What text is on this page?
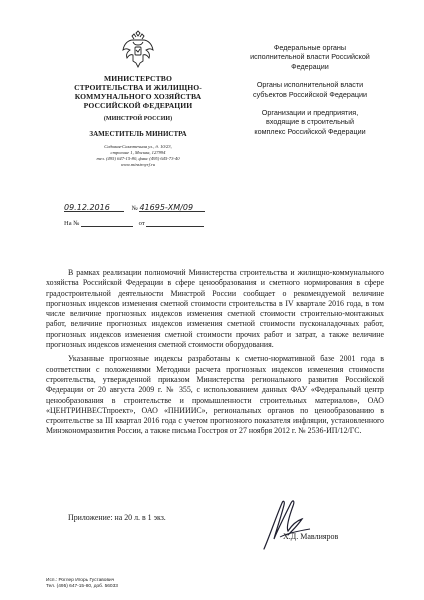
МИНИСТЕРСТВО
СТРОИТЕЛЬСТВА И ЖИЛИЩНО-
КОММУНАЛЬНОГО ХОЗЯЙСТВА
РОССИЙСКОЙ ФЕДЕРАЦИИ
(МИНСТРОЙ РОССИИ)
ЗАМЕСТИТЕЛЬ МИНИСТРА
Садовая-Самотечная ул., д. 10/23,
строение 1, Москва, 127994
тел. (495) 647-15-80, факс (495) 645-73-40
www.minstroyrf.ru
09.12.2016	№ 41695-ХМ/09
На №	от
Федеральные органы исполнительной власти Российской Федерации
Органы исполнительной власти субъектов Российской Федерации
Организации и предприятия, входящие в строительный комплекс Российской Федерации

В рамках реализации полномочий Министерства строительства и жилищно-коммунального хозяйства Российской Федерации в сфере ценообразования и сметного нормирования в сфере градостроительной деятельности Минстрой России сообщает о рекомендуемой величине прогнозных индексов изменения сметной стоимости строительства в IV квартале 2016 года, в том числе величине прогнозных индексов изменения сметной стоимости строительно-монтажных работ, величине прогнозных индексов изменения сметной стоимости пусконаладочных работ, прогнозных индексов изменения сметной стоимости прочих работ и затрат, а также величине прогнозных индексов изменения сметной стоимости оборудования.

Указанные прогнозные индексы разработаны к сметно-нормативной базе 2001 года в соответствии с положениями Методики расчета прогнозных индексов изменения стоимости строительства, утвержденной приказом Министерства регионального развития Российской Федерации от 20 августа 2009 г. № 355, с использованием данных ФАУ «Федеральный центр ценообразования в строительстве и промышленности строительных материалов», ОАО «ЦЕНТРИНВЕСТпроект», ОАО «ПНИИИС», региональных органов по ценообразованию в строительстве за III квартал 2016 года с учетом прогнозного показателя инфляции, установленного Минэкономразвития России, а также письма Госстроя от 27 ноября 2012 г. № 2536-ИП/12/ГС.

Приложение: на 20 л. в 1 экз.
Х.Д. Мавлияров
Исп.: Роглер Игорь Густавович
Тел. (495) 647-15-80, доб. 56033
